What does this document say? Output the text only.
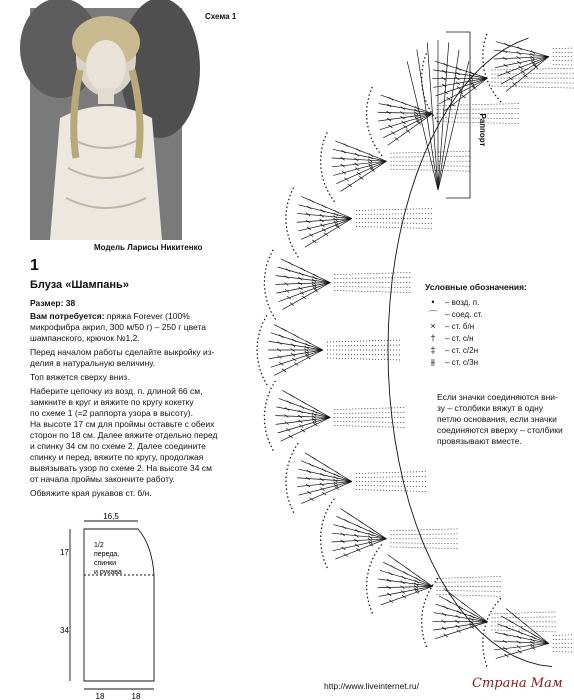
Модель Ларисы Никитенко
Схема 1
Раппорт
1
Блуза «Шампань»
Размер: 38
Вам потребуется: пряжа Forever (100%
микрофибра акрил, 300 м/50 г) – 250 г цвета
шампанского, крючок №1,2.
Перед началом работы сделайте выкройку из-
делия в натуральную величину.
Топ вяжется сверху вниз.
Наберите цепочку из возд. п. длиной 66 см,
замкните в круг и вяжите по кругу кокетку
по схеме 1 (=2 раппорта узора в высоту).
На высоте 17 см для проймы оставьте с обеих
сторон по 18 см. Далее вяжите отдельно перед
и спинку 34 см по схеме 2. Далее соедините
спинку и перед, вяжите по кругу, продолжая
вывязывать узор по схеме 2. На высоте 34 см
от начала проймы закончите работу.
Обвяжите края рукавов ст. б/н.
Условные обозначения:
•	– возд. п.
⌒ – соед. ст.
×	– ст. б/н
†	– ст. с/н
‡	– ст. с/2н
⫵	– ст. с/3н
Если значки соединяются вни-
зу – столбики вяжут в одну
петлю основания, если значки
соединяются вверху – столбики
провязывают вместе.
16,5
17
34
18	18
1/2
переда,
спинки
и рукава
http://www.liveinternet.ru/	Страна Мам
